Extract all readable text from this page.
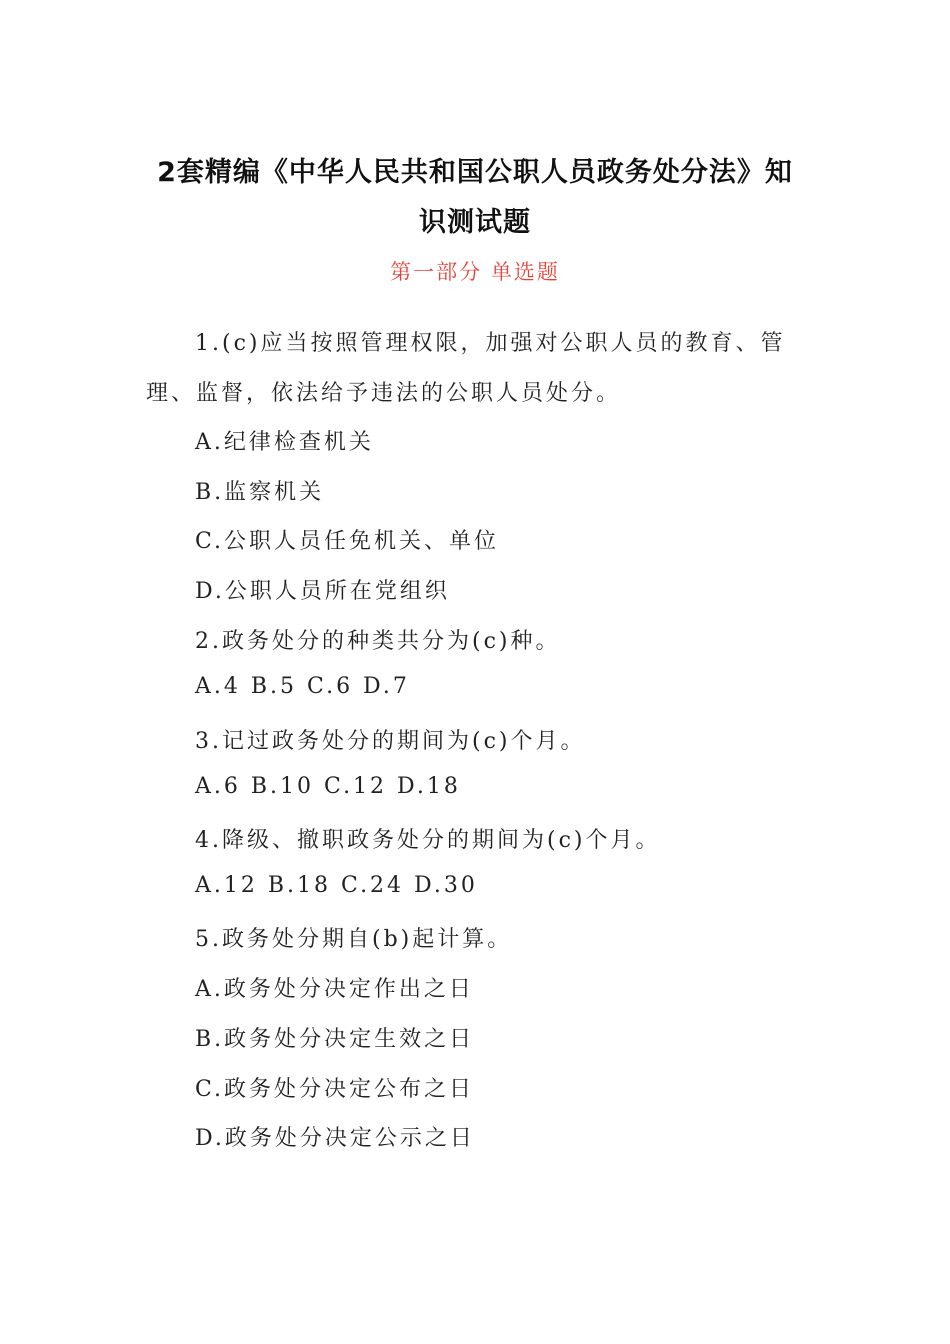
2套精编《中华人民共和国公职人员政务处分法》知
识测试题
第一部分 单选题
1.(c)应当按照管理权限，加强对公职人员的教育、管
理、监督，依法给予违法的公职人员处分。
A.纪律检查机关
B.监察机关
C.公职人员任免机关、单位
D.公职人员所在党组织
2.政务处分的种类共分为(c)种。
A.4 B.5 C.6 D.7
3.记过政务处分的期间为(c)个月。
A.6 B.10 C.12 D.18
4.降级、撤职政务处分的期间为(c)个月。
A.12 B.18 C.24 D.30
5.政务处分期自(b)起计算。
A.政务处分决定作出之日
B.政务处分决定生效之日
C.政务处分决定公布之日
D.政务处分决定公示之日
